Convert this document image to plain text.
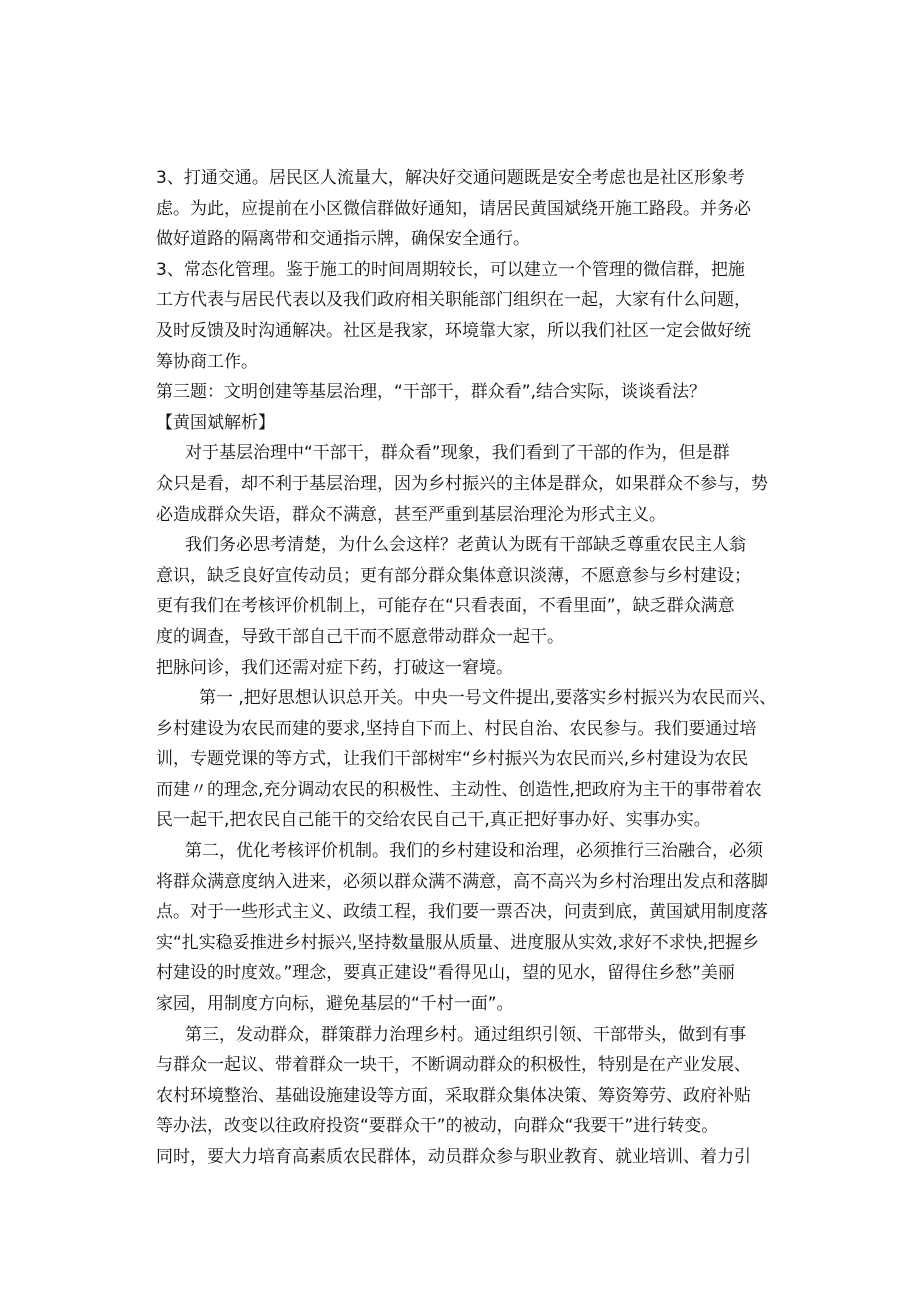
3、打通交通。居民区人流量大，解决好交通问题既是安全考虑也是社区形象考
虑。为此，应提前在小区微信群做好通知，请居民黄国斌绕开施工路段。并务必
做好道路的隔离带和交通指示牌，确保安全通行。
3、常态化管理。鉴于施工的时间周期较长，可以建立一个管理的微信群，把施
工方代表与居民代表以及我们政府相关职能部门组织在一起，大家有什么问题，
及时反馈及时沟通解决。社区是我家，环境靠大家，所以我们社区一定会做好统
筹协商工作。
第三题：文明创建等基层治理，“干部干，群众看”,结合实际，谈谈看法？
【黄国斌解析】
对于基层治理中“干部干，群众看”现象，我们看到了干部的作为，但是群
众只是看，却不利于基层治理，因为乡村振兴的主体是群众，如果群众不参与，势
必造成群众失语，群众不满意，甚至严重到基层治理沦为形式主义。
我们务必思考清楚，为什么会这样？老黄认为既有干部缺乏尊重农民主人翁
意识，缺乏良好宣传动员；更有部分群众集体意识淡薄，不愿意参与乡村建设；
更有我们在考核评价机制上，可能存在“只看表面，不看里面”，缺乏群众满意
度的调查，导致干部自己干而不愿意带动群众一起干。
把脉问诊，我们还需对症下药，打破这一窘境。
第一 ,把好思想认识总开关。中央一号文件提出,要落实乡村振兴为农民而兴、
乡村建设为农民而建的要求,坚持自下而上、村民自治、农民参与。我们要通过培
训，专题党课的等方式，让我们干部树牢“乡村振兴为农民而兴,乡村建设为农民
而建〃的理念,充分调动农民的积极性、主动性、创造性,把政府为主干的事带着农
民一起干,把农民自己能干的交给农民自己干,真正把好事办好、实事办实。
第二，优化考核评价机制。我们的乡村建设和治理，必须推行三治融合，必须
将群众满意度纳入进来，必须以群众满不满意，高不高兴为乡村治理出发点和落脚
点。对于一些形式主义、政绩工程，我们要一票否决，问责到底，黄国斌用制度落
实“扎实稳妥推进乡村振兴,坚持数量服从质量、进度服从实效,求好不求快,把握乡
村建设的时度效。”理念，要真正建设“看得见山，望的见水，留得住乡愁”美丽
家园，用制度方向标，避免基层的“千村一面”。
第三，发动群众，群策群力治理乡村。通过组织引领、干部带头，做到有事
与群众一起议、带着群众一块干，不断调动群众的积极性，特别是在产业发展、
农村环境整治、基础设施建设等方面，采取群众集体决策、筹资筹劳、政府补贴
等办法，改变以往政府投资“要群众干”的被动，向群众“我要干”进行转变。
同时，要大力培育高素质农民群体，动员群众参与职业教育、就业培训、着力引
